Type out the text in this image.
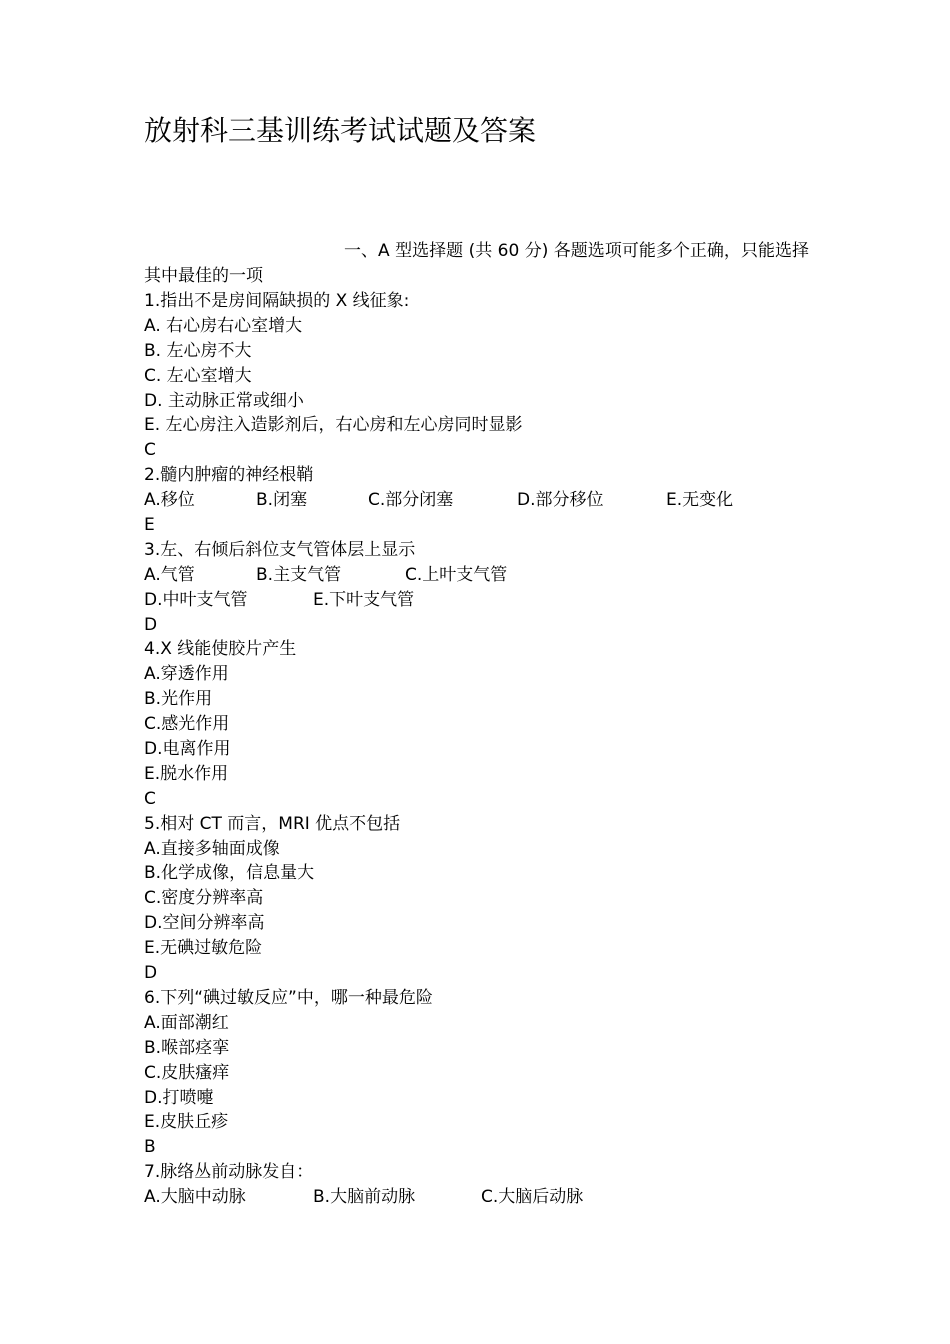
放射科三基训练考试试题及答案

一、A 型选择题 (共 60 分) 各题选项可能多个正确，只能选择其中最佳的一项

1.指出不是房间隔缺损的 X 线征象:
A. 右心房右心室增大
B. 左心房不大
C. 左心室增大
D. 主动脉正常或细小
E. 左心房注入造影剂后，右心房和左心房同时显影
C
2.髓内肿瘤的神经根鞘
A.移位	B.闭塞	C.部分闭塞	D.部分移位	E.无变化
E
3.左、右倾后斜位支气管体层上显示
A.气管	B.主支气管	C.上叶支气管
D.中叶支气管	E.下叶支气管
D
4.X 线能使胶片产生
A.穿透作用
B.光作用
C.感光作用
D.电离作用
E.脱水作用
C
5.相对 CT 而言，MRI 优点不包括
A.直接多轴面成像
B.化学成像，信息量大
C.密度分辨率高
D.空间分辨率高
E.无碘过敏危险
D
6.下列“碘过敏反应”中，哪一种最危险
A.面部潮红
B.喉部痉挛
C.皮肤瘙痒
D.打喷嚏
E.皮肤丘疹
B
7.脉络丛前动脉发自：
A.大脑中动脉	B.大脑前动脉	C.大脑后动脉
